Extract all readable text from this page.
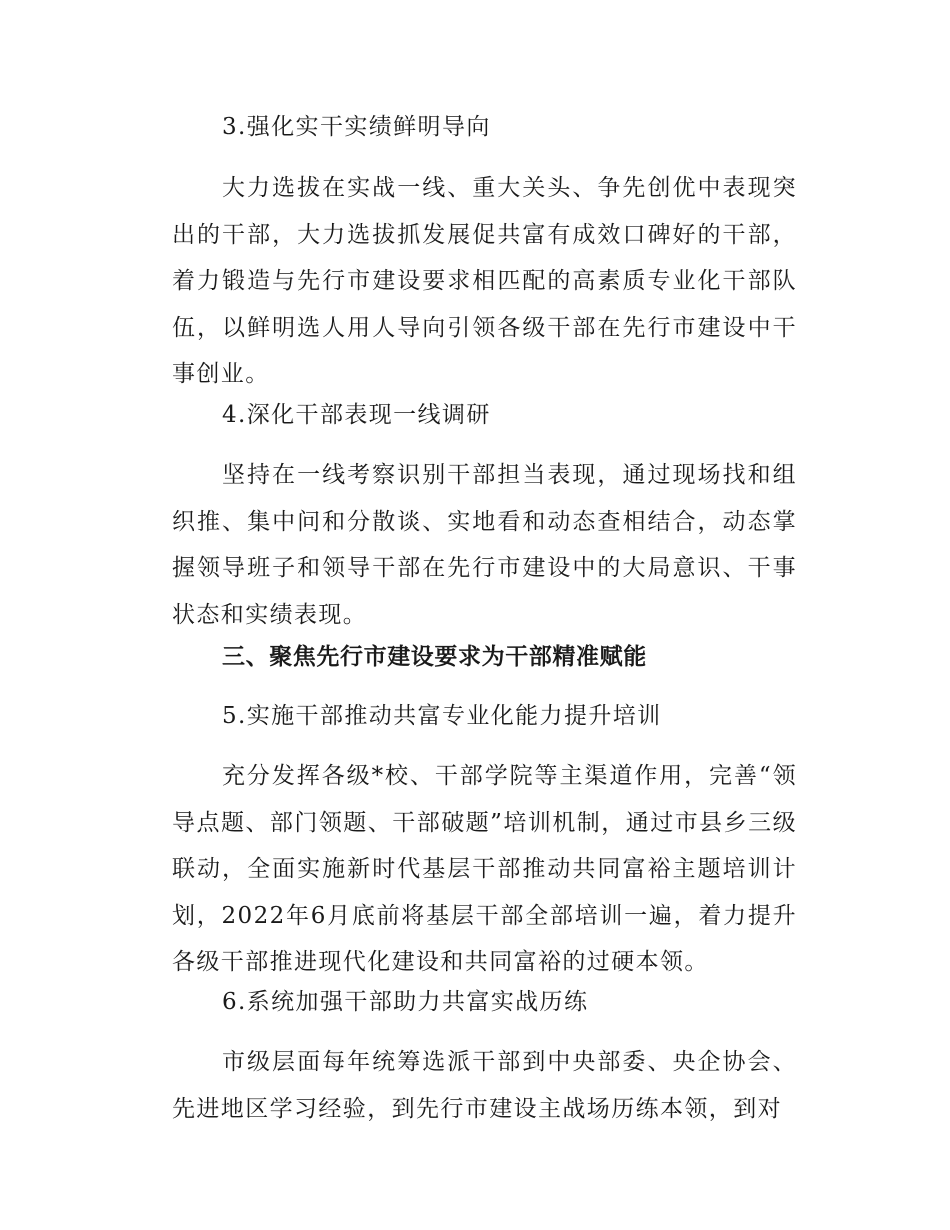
3.强化实干实绩鲜明导向

大力选拔在实战一线、重大关头、争先创优中表现突出的干部，大力选拔抓发展促共富有成效口碑好的干部，着力锻造与先行市建设要求相匹配的高素质专业化干部队伍，以鲜明选人用人导向引领各级干部在先行市建设中干事创业。

4.深化干部表现一线调研

坚持在一线考察识别干部担当表现，通过现场找和组织推、集中问和分散谈、实地看和动态查相结合，动态掌握领导班子和领导干部在先行市建设中的大局意识、干事状态和实绩表现。

三、聚焦先行市建设要求为干部精准赋能

5.实施干部推动共富专业化能力提升培训

充分发挥各级*校、干部学院等主渠道作用，完善“领导点题、部门领题、干部破题”培训机制，通过市县乡三级联动，全面实施新时代基层干部推动共同富裕主题培训计划，2022年6月底前将基层干部全部培训一遍，着力提升各级干部推进现代化建设和共同富裕的过硬本领。

6.系统加强干部助力共富实战历练

市级层面每年统筹选派干部到中央部委、央企协会、先进地区学习经验，到先行市建设主战场历练本领，到对
